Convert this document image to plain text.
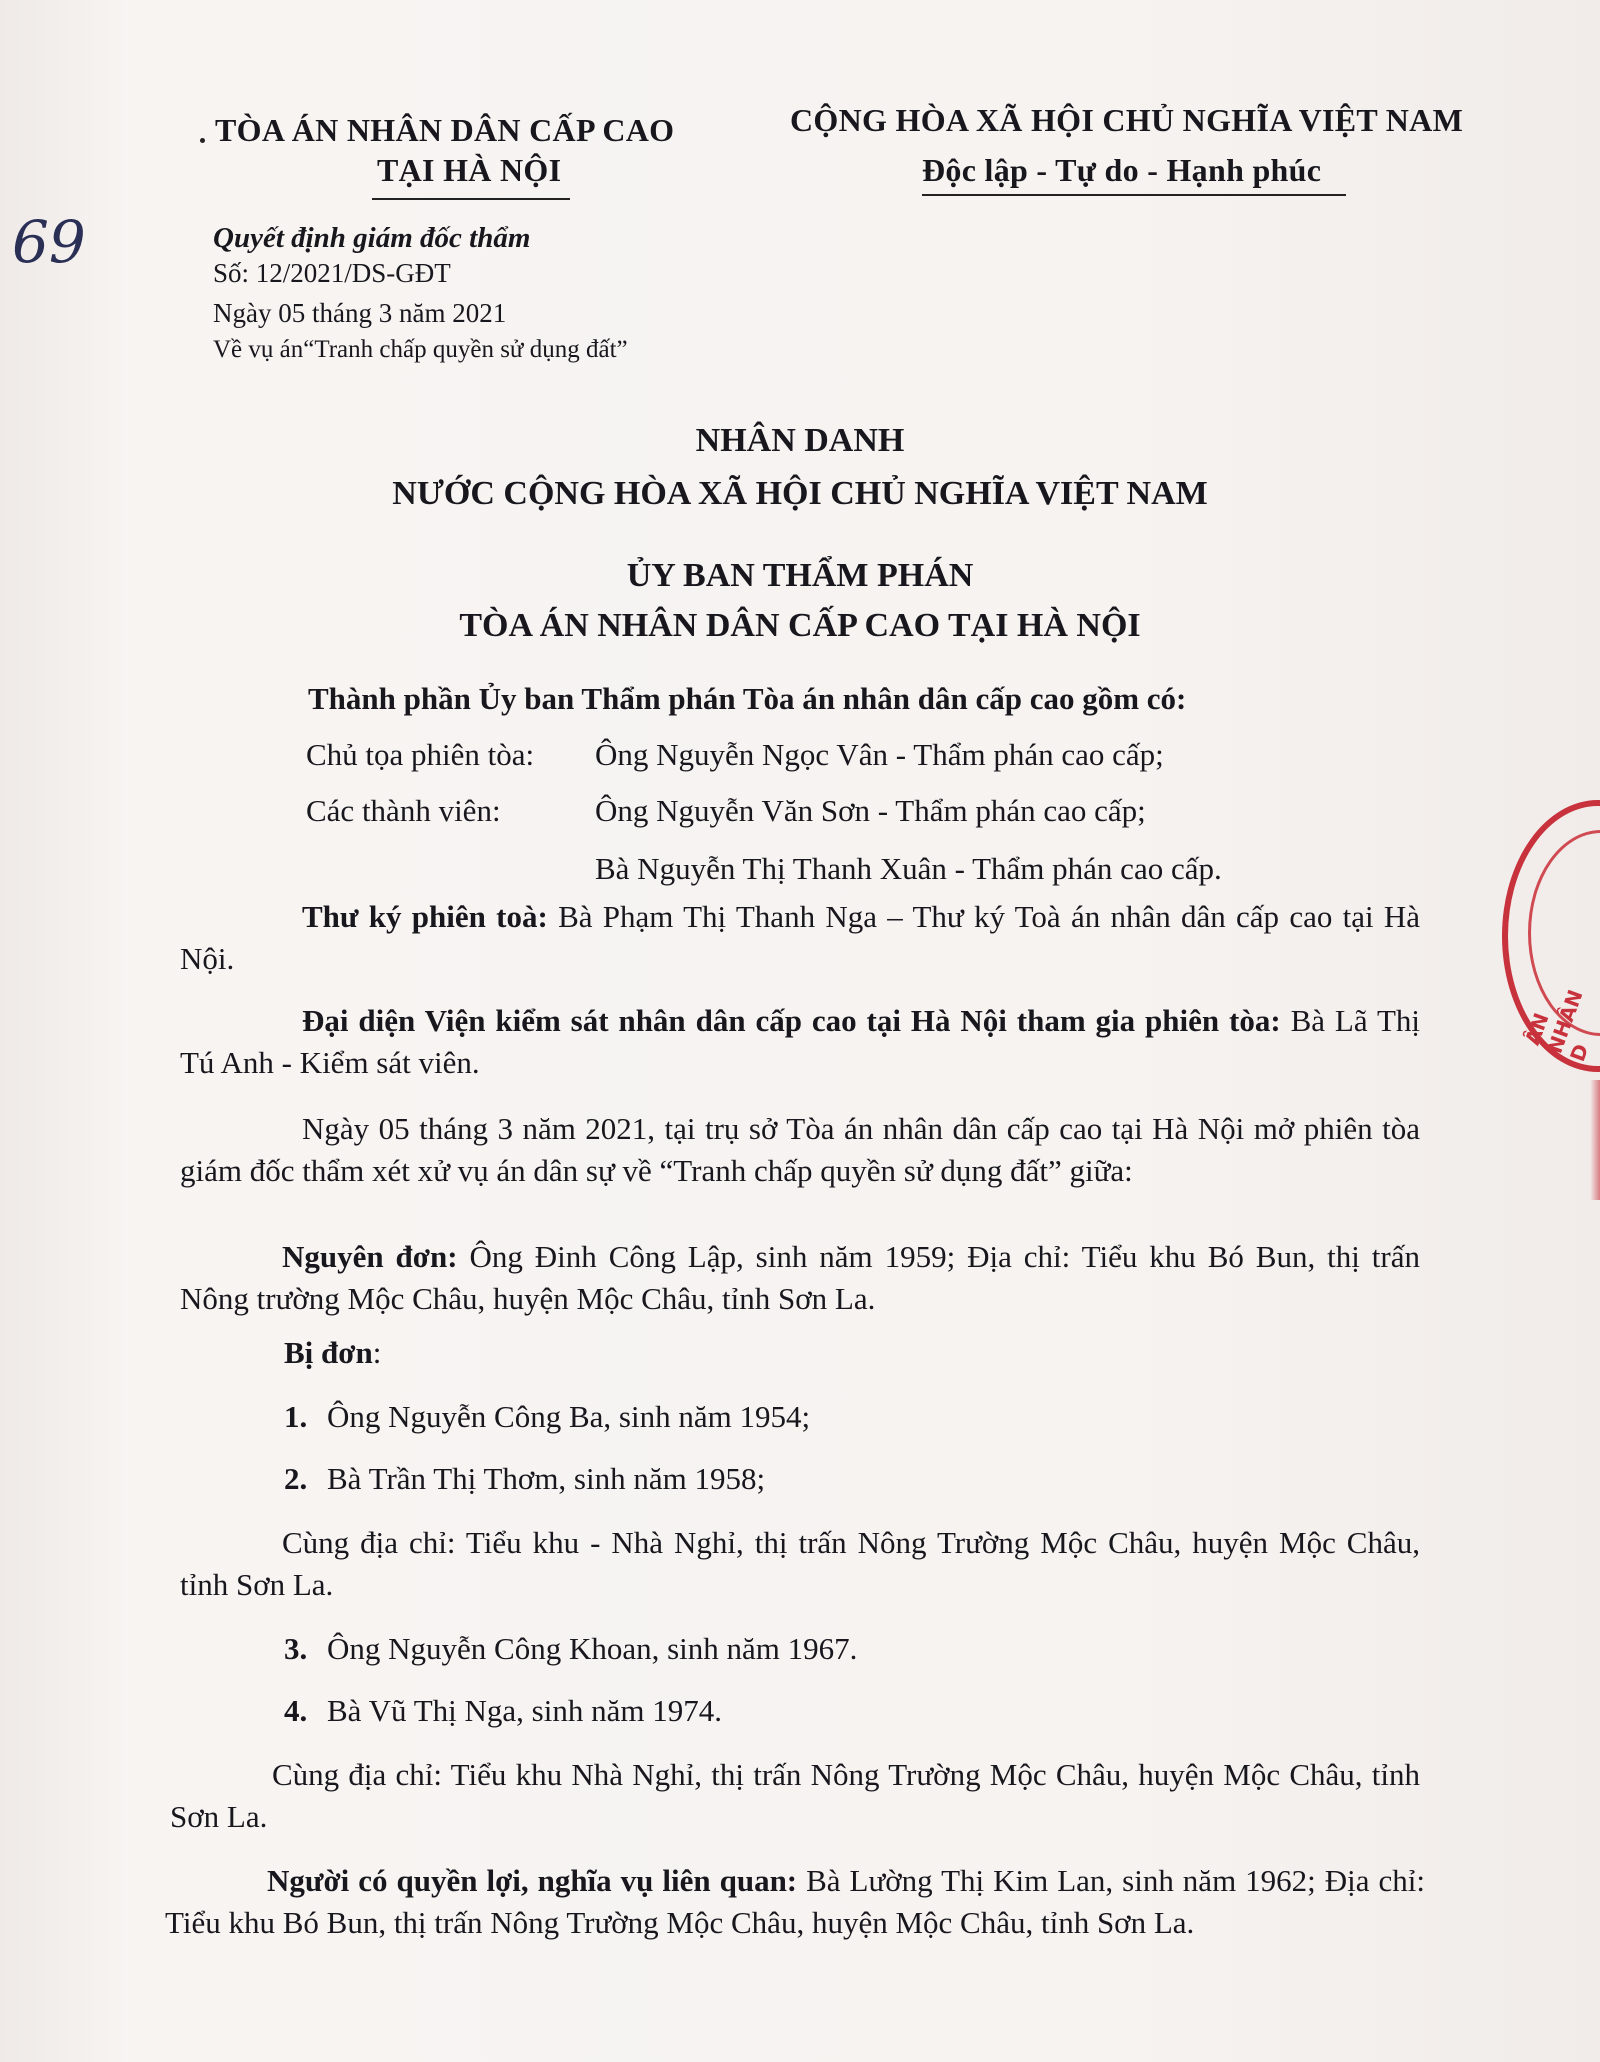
69
TÒA ÁN NHÂN DÂN CẤP CAO
TẠI HÀ NỘI
CỘNG HÒA XÃ HỘI CHỦ NGHĨA VIỆT NAM
Độc lập - Tự do - Hạnh phúc
Quyết định giám đốc thẩm
Số: 12/2021/DS-GĐT
Ngày 05 tháng 3 năm 2021
Về vụ án“Tranh chấp quyền sử dụng đất”
NHÂN DANH
NƯỚC CỘNG HÒA XÃ HỘI CHỦ NGHĨA VIỆT NAM
ỦY BAN THẨM PHÁN
TÒA ÁN NHÂN DÂN CẤP CAO TẠI HÀ NỘI
Thành phần Ủy ban Thẩm phán Tòa án nhân dân cấp cao gồm có:
Chủ tọa phiên tòa: Ông Nguyễn Ngọc Vân - Thẩm phán cao cấp;
Các thành viên:	Ông Nguyễn Văn Sơn - Thẩm phán cao cấp;
Bà Nguyễn Thị Thanh Xuân - Thẩm phán cao cấp.
Thư ký phiên toà: Bà Phạm Thị Thanh Nga – Thư ký Toà án nhân dân cấp cao tại Hà Nội.
Đại diện Viện kiểm sát nhân dân cấp cao tại Hà Nội tham gia phiên tòa: Bà Lã Thị Tú Anh - Kiểm sát viên.
Ngày 05 tháng 3 năm 2021, tại trụ sở Tòa án nhân dân cấp cao tại Hà Nội mở phiên tòa giám đốc thẩm xét xử vụ án dân sự về “Tranh chấp quyền sử dụng đất” giữa:
Nguyên đơn: Ông Đinh Công Lập, sinh năm 1959; Địa chỉ: Tiểu khu Bó Bun, thị trấn Nông trường Mộc Châu, huyện Mộc Châu, tỉnh Sơn La.
Bị đơn:
1. Ông Nguyễn Công Ba, sinh năm 1954;
2. Bà Trần Thị Thơm, sinh năm 1958;
Cùng địa chỉ: Tiểu khu - Nhà Nghỉ, thị trấn Nông Trường Mộc Châu, huyện Mộc Châu, tỉnh Sơn La.
3. Ông Nguyễn Công Khoan, sinh năm 1967.
4. Bà Vũ Thị Nga, sinh năm 1974.
Cùng địa chỉ: Tiểu khu Nhà Nghỉ, thị trấn Nông Trường Mộc Châu, huyện Mộc Châu, tỉnh Sơn La.
Người có quyền lợi, nghĩa vụ liên quan: Bà Lường Thị Kim Lan, sinh năm 1962; Địa chỉ: Tiểu khu Bó Bun, thị trấn Nông Trường Mộc Châu, huyện Mộc Châu, tỉnh Sơn La.
ÂN NHÂN D
